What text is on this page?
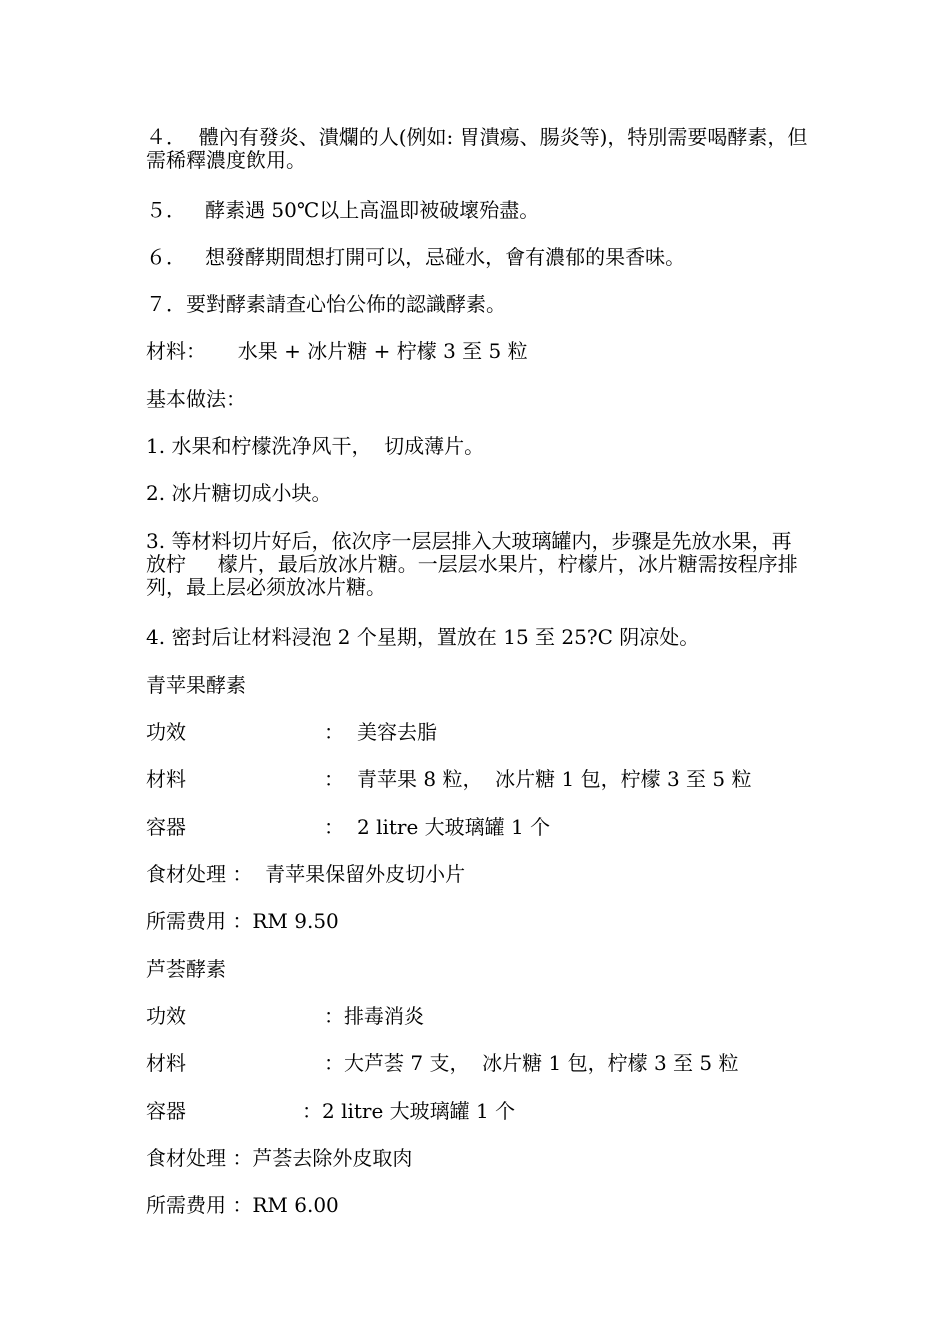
４．  體內有發炎、潰爛的人(例如: 胃潰瘍、腸炎等)，特別需要喝酵素，但需稀釋濃度飲用。

５．   酵素遇 50℃以上高溫即被破壞殆盡。

６．   想發酵期間想打開可以，忌碰水，會有濃郁的果香味。

７．要對酵素請查心怡公佈的認識酵素。

材料：     水果 + 冰片糖 + 柠檬 3 至 5 粒

基本做法：

1. 水果和柠檬洗净风干，  切成薄片。

2. 冰片糖切成小块。

3. 等材料切片好后，依次序一层层排入大玻璃罐内，步骤是先放水果，再放柠     檬片，最后放冰片糖。一层层水果片，柠檬片，冰片糖需按程序排列，最上层必须放冰片糖。

4. 密封后让材料浸泡 2 个星期，置放在 15 至 25?C 阴凉处。

青苹果酵素

功效

	：

美容去脂

材料

	：

青苹果 8 粒，  冰片糖 1 包，柠檬 3 至 5 粒

容器

	：

2 litre 大玻璃罐 1 个

食材处理 ：  青苹果保留外皮切小片

所需费用 ：RM 9.50

芦荟酵素

功效

	：排毒消炎

材料

	：大芦荟 7 支，  冰片糖 1 包，柠檬 3 至 5 粒

容器

	：2 litre 大玻璃罐 1 个

食材处理 ：芦荟去除外皮取肉

所需费用 ：RM 6.00
